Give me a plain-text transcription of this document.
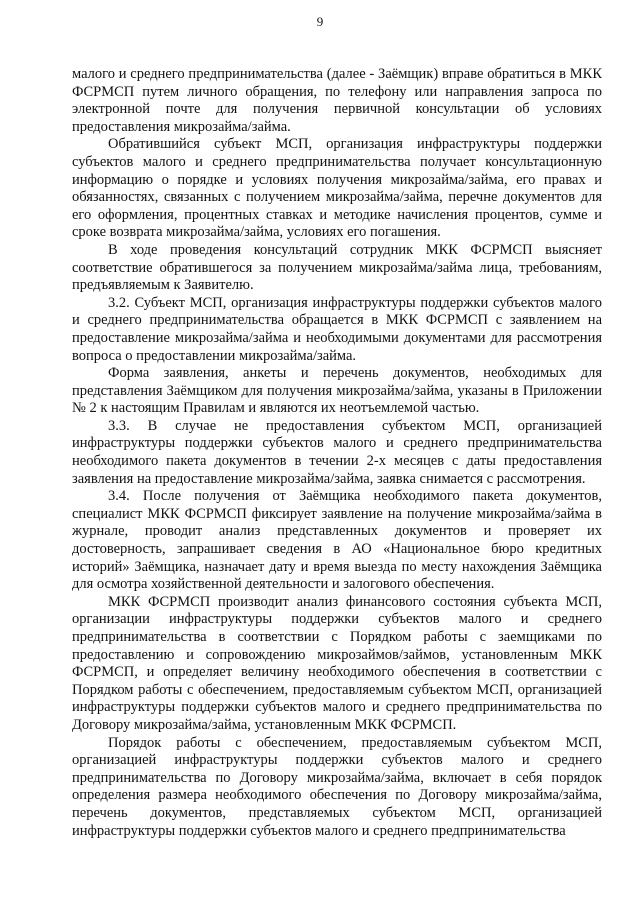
9

малого и среднего предпринимательства (далее - Заёмщик) вправе обратиться в МКК ФСРМСП путем личного обращения, по телефону или направления запроса по электронной почте для получения первичной консультации об условиях предоставления микрозайма/займа.

Обратившийся субъект МСП, организация инфраструктуры поддержки субъектов малого и среднего предпринимательства получает консультационную информацию о порядке и условиях получения микрозайма/займа, его правах и обязанностях, связанных с получением микрозайма/займа, перечне документов для его оформления, процентных ставках и методике начисления процентов, сумме и сроке возврата микрозайма/займа, условиях его погашения.

В ходе проведения консультаций сотрудник МКК ФСРМСП выясняет соответствие обратившегося за получением микрозайма/займа лица, требованиям, предъявляемым к Заявителю.

3.2. Субъект МСП, организация инфраструктуры поддержки субъектов малого и среднего предпринимательства обращается в МКК ФСРМСП с заявлением на предоставление микрозайма/займа и необходимыми документами для рассмотрения вопроса о предоставлении микрозайма/займа.

Форма заявления, анкеты и перечень документов, необходимых для представления Заёмщиком для получения микрозайма/займа, указаны в Приложении № 2 к настоящим Правилам и являются их неотъемлемой частью.

3.3. В случае не предоставления субъектом МСП, организацией инфраструктуры поддержки субъектов малого и среднего предпринимательства необходимого пакета документов в течении 2-х месяцев с даты предоставления заявления на предоставление микрозайма/займа, заявка снимается с рассмотрения.

3.4. После получения от Заёмщика необходимого пакета документов, специалист МКК ФСРМСП фиксирует заявление на получение микрозайма/займа в журнале, проводит анализ представленных документов и проверяет их достоверность, запрашивает сведения в АО «Национальное бюро кредитных историй» Заёмщика, назначает дату и время выезда по месту нахождения Заёмщика для осмотра хозяйственной деятельности и залогового обеспечения.

МКК ФСРМСП производит анализ финансового состояния субъекта МСП, организации инфраструктуры поддержки субъектов малого и среднего предпринимательства в соответствии с Порядком работы с заемщиками по предоставлению и сопровождению микрозаймов/займов, установленным МКК ФСРМСП, и определяет величину необходимого обеспечения в соответствии с Порядком работы с обеспечением, предоставляемым субъектом МСП, организацией инфраструктуры поддержки субъектов малого и среднего предпринимательства по Договору микрозайма/займа, установленным МКК ФСРМСП.

Порядок работы с обеспечением, предоставляемым субъектом МСП, организацией инфраструктуры поддержки субъектов малого и среднего предпринимательства по Договору микрозайма/займа, включает в себя порядок определения размера необходимого обеспечения по Договору микрозайма/займа, перечень документов, представляемых субъектом МСП, организацией инфраструктуры поддержки субъектов малого и среднего предпринимательства
